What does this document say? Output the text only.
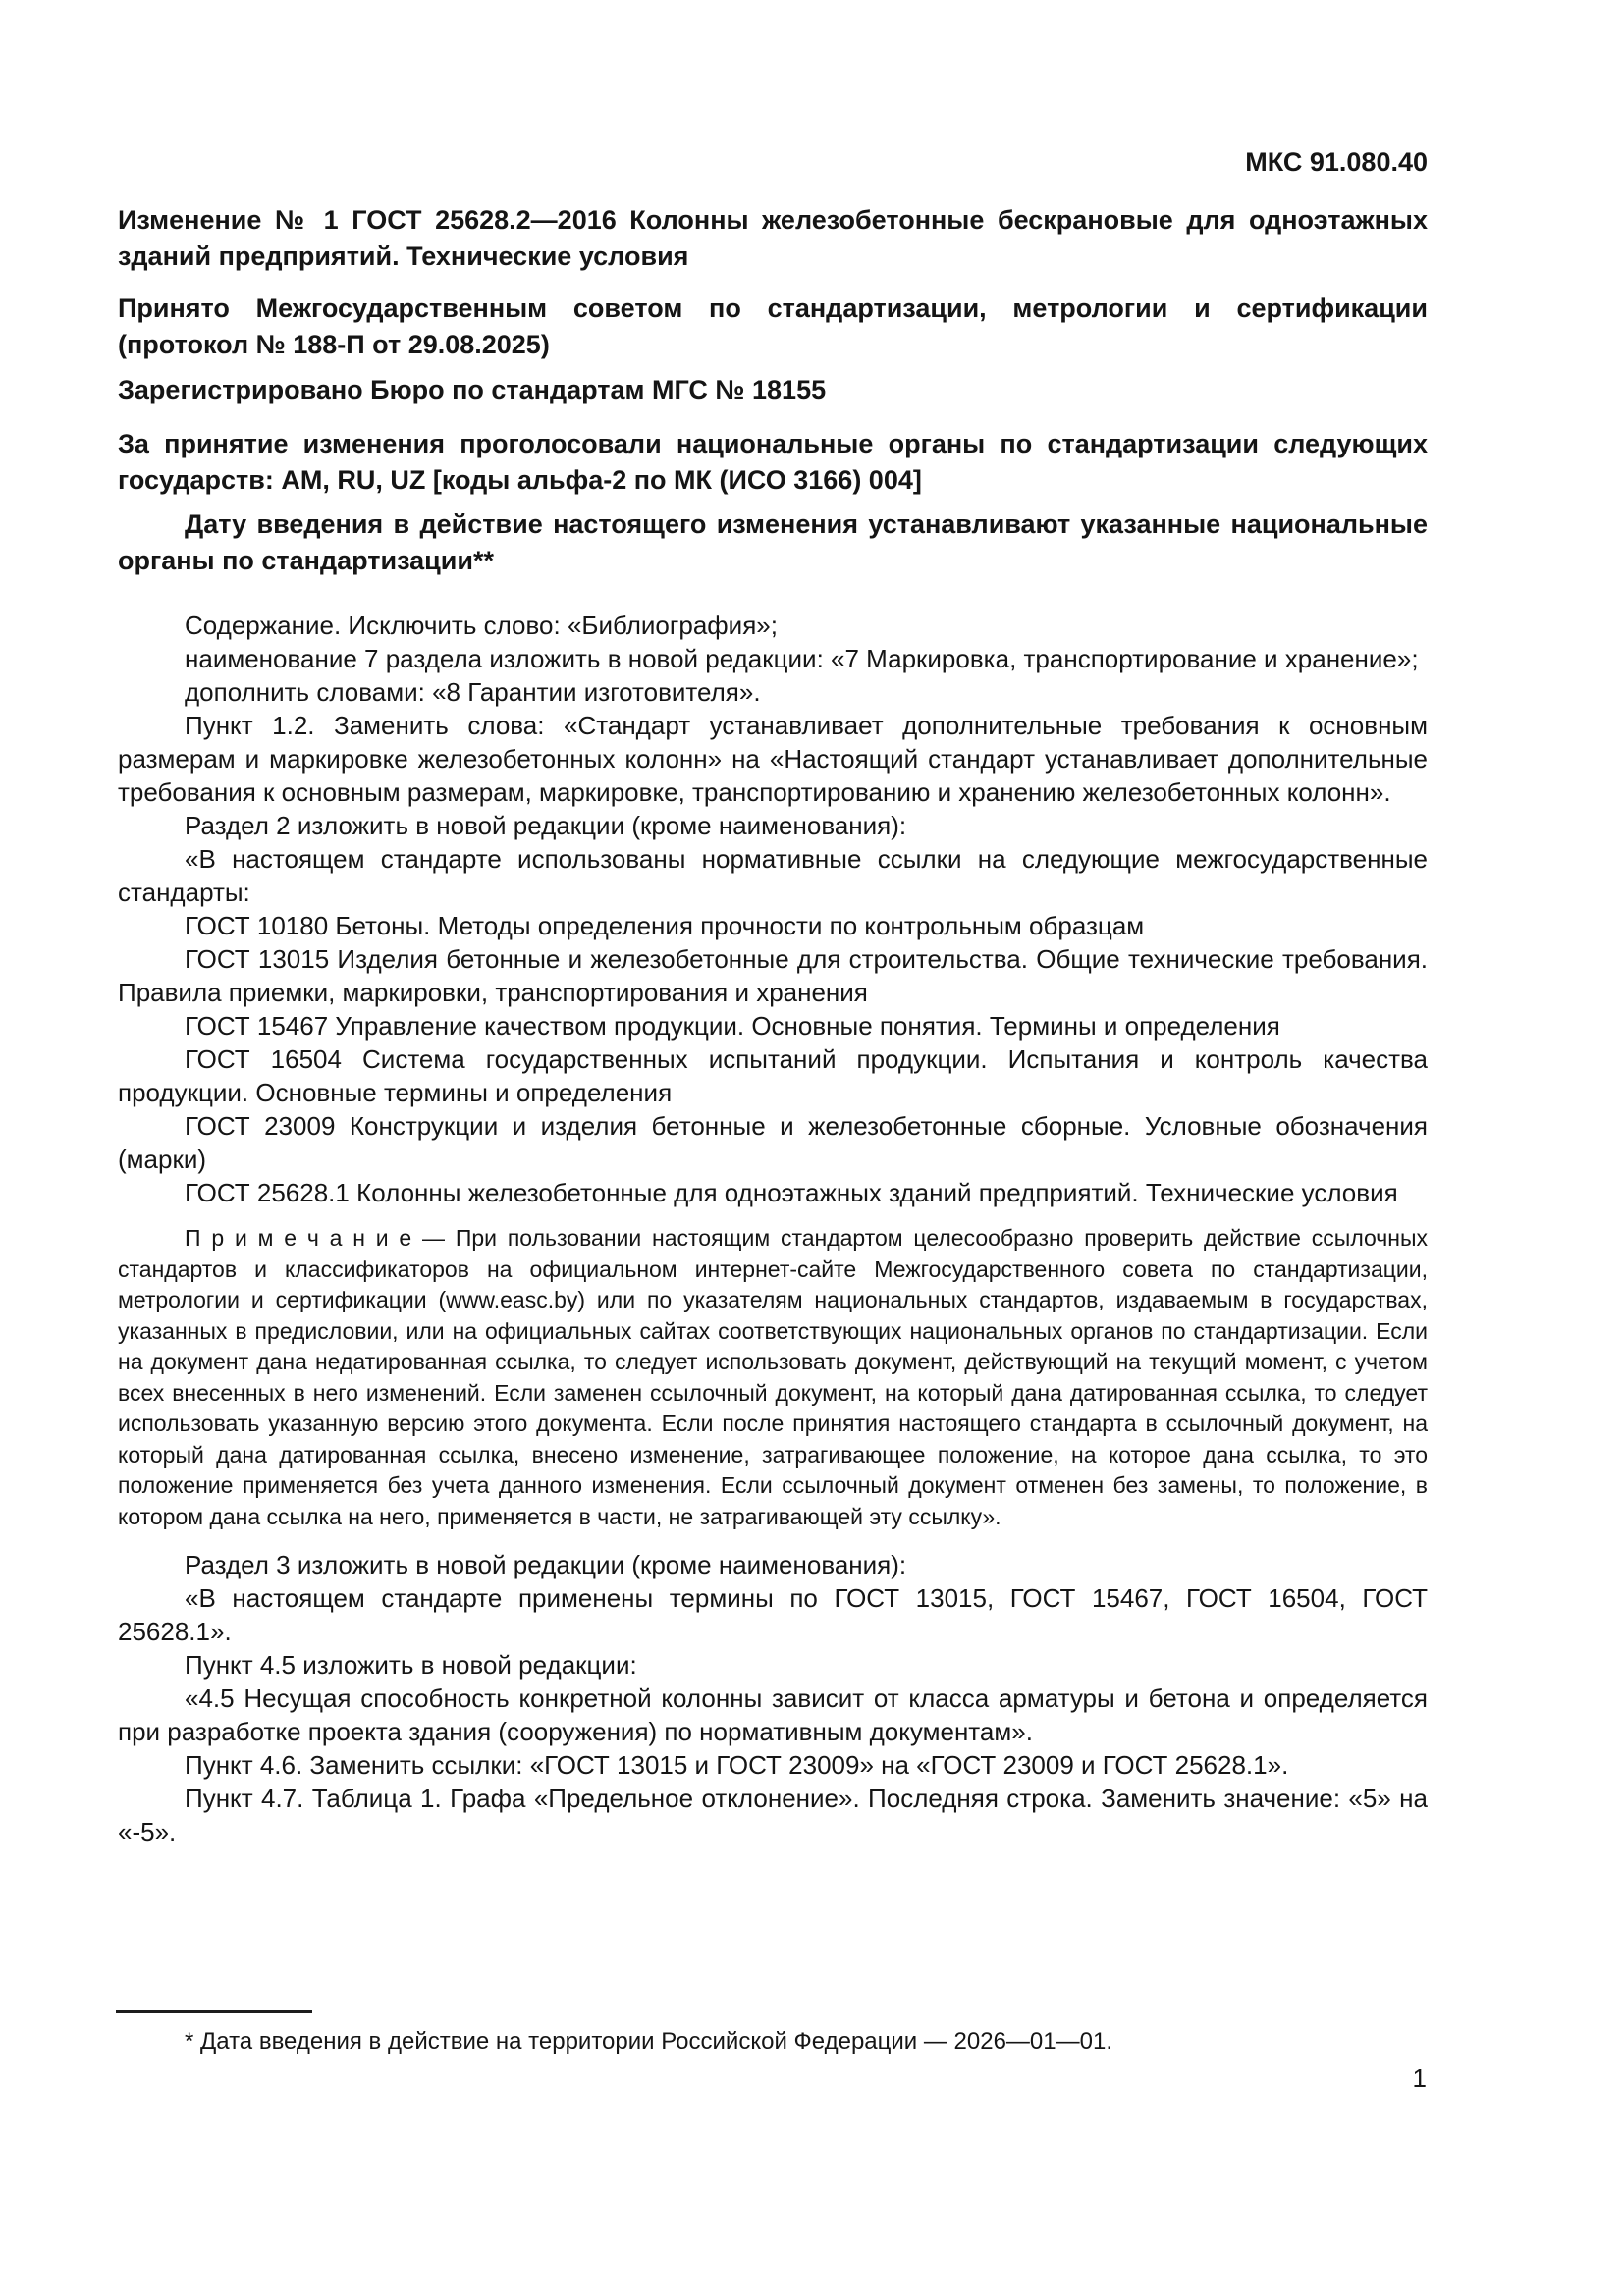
МКС 91.080.40
Изменение № 1 ГОСТ 25628.2—2016 Колонны железобетонные бескрановые для одноэтажных зданий предприятий. Технические условия
Принято Межгосударственным советом по стандартизации, метрологии и сертификации (протокол № 188-П от 29.08.2025)
Зарегистрировано Бюро по стандартам МГС № 18155
За принятие изменения проголосовали национальные органы по стандартизации следующих государств: AM, RU, UZ [коды альфа-2 по МК (ИСО 3166) 004]
Дату введения в действие настоящего изменения устанавливают указанные национальные органы по стандартизации**

Содержание. Исключить слово: «Библиография»;

наименование 7 раздела изложить в новой редакции: «7 Маркировка, транспортирование и хранение»;

дополнить словами: «8 Гарантии изготовителя».

Пункт 1.2. Заменить слова: «Стандарт устанавливает дополнительные требования к основным размерам и маркировке железобетонных колонн» на «Настоящий стандарт устанавливает дополнительные требования к основным размерам, маркировке, транспортированию и хранению железобетонных колонн».

Раздел 2 изложить в новой редакции (кроме наименования):

«В настоящем стандарте использованы нормативные ссылки на следующие межгосударственные стандарты:

ГОСТ 10180 Бетоны. Методы определения прочности по контрольным образцам

ГОСТ 13015 Изделия бетонные и железобетонные для строительства. Общие технические требования. Правила приемки, маркировки, транспортирования и хранения

ГОСТ 15467 Управление качеством продукции. Основные понятия. Термины и определения

ГОСТ 16504 Система государственных испытаний продукции. Испытания и контроль качества продукции. Основные термины и определения

ГОСТ 23009 Конструкции и изделия бетонные и железобетонные сборные. Условные обозначения (марки)

ГОСТ 25628.1 Колонны железобетонные для одноэтажных зданий предприятий. Технические условия

П р и м е ч а н и е — При пользовании настоящим стандартом целесообразно проверить действие ссылочных стандартов и классификаторов на официальном интернет-сайте Межгосударственного совета по стандартизации, метрологии и сертификации (www.easc.by) или по указателям национальных стандартов, издаваемым в государствах, указанных в предисловии, или на официальных сайтах соответствующих национальных органов по стандартизации. Если на документ дана недатированная ссылка, то следует использовать документ, действующий на текущий момент, с учетом всех внесенных в него изменений. Если заменен ссылочный документ, на который дана датированная ссылка, то следует использовать указанную версию этого документа. Если после принятия настоящего стандарта в ссылочный документ, на который дана датированная ссылка, внесено изменение, затрагивающее положение, на которое дана ссылка, то это положение применяется без учета данного изменения. Если ссылочный документ отменен без замены, то положение, в котором дана ссылка на него, применяется в части, не затрагивающей эту ссылку».

Раздел 3 изложить в новой редакции (кроме наименования):

«В настоящем стандарте применены термины по ГОСТ 13015, ГОСТ 15467, ГОСТ 16504, ГОСТ 25628.1».

Пункт 4.5 изложить в новой редакции:

«4.5 Несущая способность конкретной колонны зависит от класса арматуры и бетона и определяется при разработке проекта здания (сооружения) по нормативным документам».

Пункт 4.6. Заменить ссылки: «ГОСТ 13015 и ГОСТ 23009» на «ГОСТ 23009 и ГОСТ 25628.1».

Пункт 4.7. Таблица 1. Графа «Предельное отклонение». Последняя строка. Заменить значение: «5» на «-5».

* Дата введения в действие на территории Российской Федерации — 2026—01—01.
1
